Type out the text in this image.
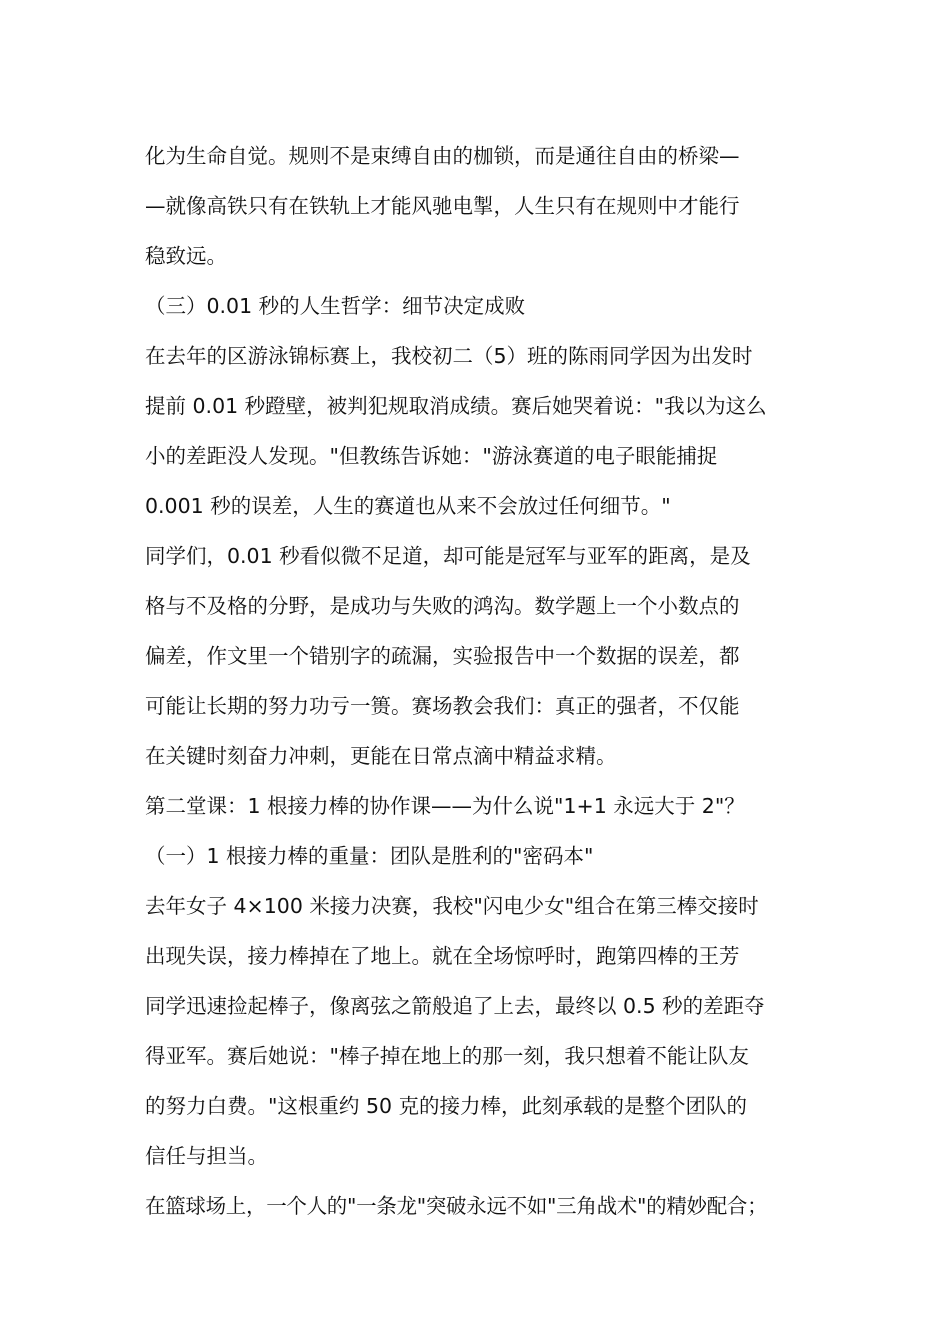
化为生命自觉。规则不是束缚自由的枷锁，而是通往自由的桥梁—
—就像高铁只有在铁轨上才能风驰电掣，人生只有在规则中才能行
稳致远。
（三）0.01 秒的人生哲学：细节决定成败
在去年的区游泳锦标赛上，我校初二（5）班的陈雨同学因为出发时
提前 0.01 秒蹬壁，被判犯规取消成绩。赛后她哭着说："我以为这么
小的差距没人发现。"但教练告诉她："游泳赛道的电子眼能捕捉
0.001 秒的误差，人生的赛道也从来不会放过任何细节。"
同学们，0.01 秒看似微不足道，却可能是冠军与亚军的距离，是及
格与不及格的分野，是成功与失败的鸿沟。数学题上一个小数点的
偏差，作文里一个错别字的疏漏，实验报告中一个数据的误差，都
可能让长期的努力功亏一篑。赛场教会我们：真正的强者，不仅能
在关键时刻奋力冲刺，更能在日常点滴中精益求精。
第二堂课：1 根接力棒的协作课——为什么说"1+1 永远大于 2"？
（一）1 根接力棒的重量：团队是胜利的"密码本"
去年女子 4×100 米接力决赛，我校"闪电少女"组合在第三棒交接时
出现失误，接力棒掉在了地上。就在全场惊呼时，跑第四棒的王芳
同学迅速捡起棒子，像离弦之箭般追了上去，最终以 0.5 秒的差距夺
得亚军。赛后她说："棒子掉在地上的那一刻，我只想着不能让队友
的努力白费。"这根重约 50 克的接力棒，此刻承载的是整个团队的
信任与担当。
在篮球场上，一个人的"一条龙"突破永远不如"三角战术"的精妙配合；
